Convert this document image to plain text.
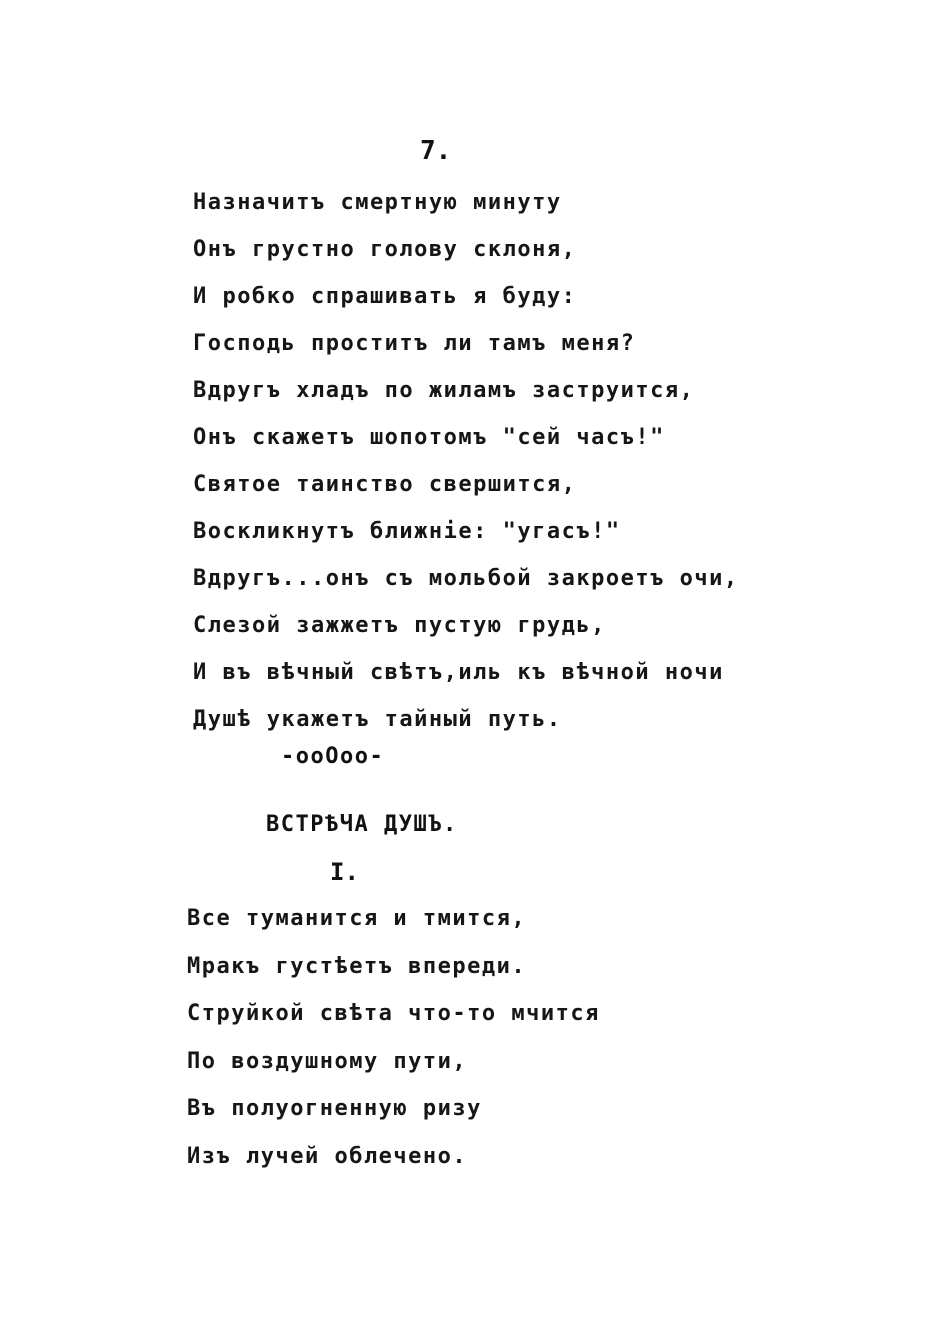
7.
Назначитъ смертную минуту
Онъ грустно голову склоня,
И робко спрашивать я буду:
Господь проститъ ли тамъ меня?
Вдругъ хладъ по жиламъ заструится,
Онъ скажетъ шопотомъ "сей часъ!"
Святое таинство свершится,
Воскликнутъ ближніе: "угасъ!"
Вдругъ...онъ съ мольбой закроетъ очи,
Слезой зажжетъ пустую грудь,
И въ вѣчный свѣтъ,иль къ вѣчной ночи
Душѣ укажетъ тайный путь.
-ооОоо-
ВСТРѢЧА ДУШЪ.
I.
Все туманится и тмится,
Мракъ густѣетъ впереди.
Струйкой свѣта что-то мчится
По воздушному пути,
Въ полуогненную ризу
Изъ лучей облечено.
